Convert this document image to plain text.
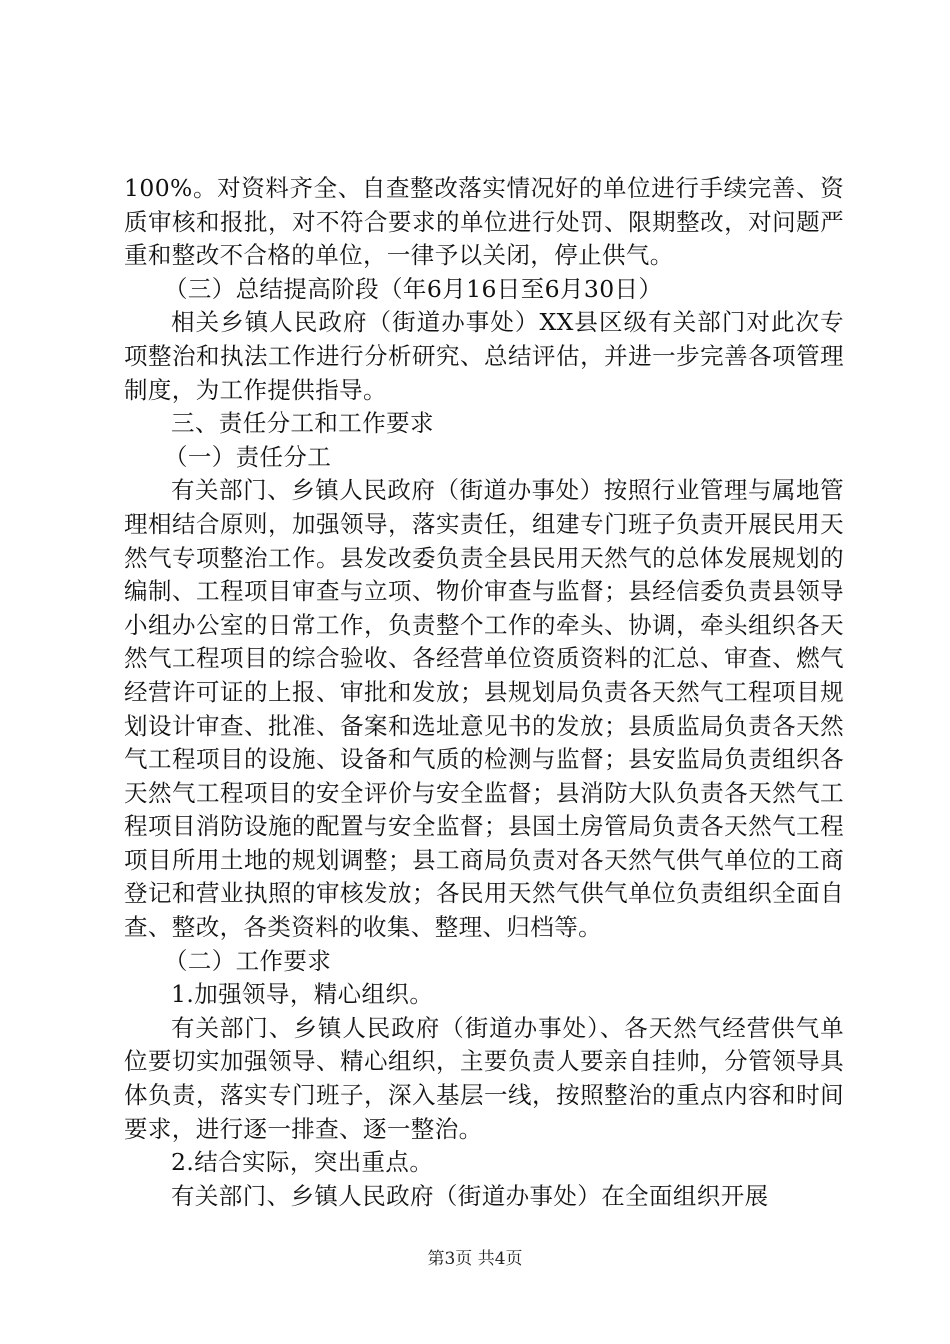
100%。对资料齐全、自查整改落实情况好的单位进行手续完善、资质审核和报批，对不符合要求的单位进行处罚、限期整改，对问题严重和整改不合格的单位，一律予以关闭，停止供气。

（三）总结提高阶段（年6月16日至6月30日）

相关乡镇人民政府（街道办事处）XX县区级有关部门对此次专项整治和执法工作进行分析研究、总结评估，并进一步完善各项管理制度，为工作提供指导。

三、责任分工和工作要求

（一）责任分工

有关部门、乡镇人民政府（街道办事处）按照行业管理与属地管理相结合原则，加强领导，落实责任，组建专门班子负责开展民用天然气专项整治工作。县发改委负责全县民用天然气的总体发展规划的编制、工程项目审查与立项、物价审查与监督；县经信委负责县领导小组办公室的日常工作，负责整个工作的牵头、协调，牵头组织各天然气工程项目的综合验收、各经营单位资质资料的汇总、审查、燃气经营许可证的上报、审批和发放；县规划局负责各天然气工程项目规划设计审查、批准、备案和选址意见书的发放；县质监局负责各天然气工程项目的设施、设备和气质的检测与监督；县安监局负责组织各天然气工程项目的安全评价与安全监督；县消防大队负责各天然气工程项目消防设施的配置与安全监督；县国土房管局负责各天然气工程项目所用土地的规划调整；县工商局负责对各天然气供气单位的工商登记和营业执照的审核发放；各民用天然气供气单位负责组织全面自查、整改，各类资料的收集、整理、归档等。

（二）工作要求

1.加强领导，精心组织。

有关部门、乡镇人民政府（街道办事处）、各天然气经营供气单位要切实加强领导、精心组织，主要负责人要亲自挂帅，分管领导具体负责，落实专门班子，深入基层一线，按照整治的重点内容和时间要求，进行逐一排查、逐一整治。

2.结合实际，突出重点。

有关部门、乡镇人民政府（街道办事处）在全面组织开展

第3页 共4页
